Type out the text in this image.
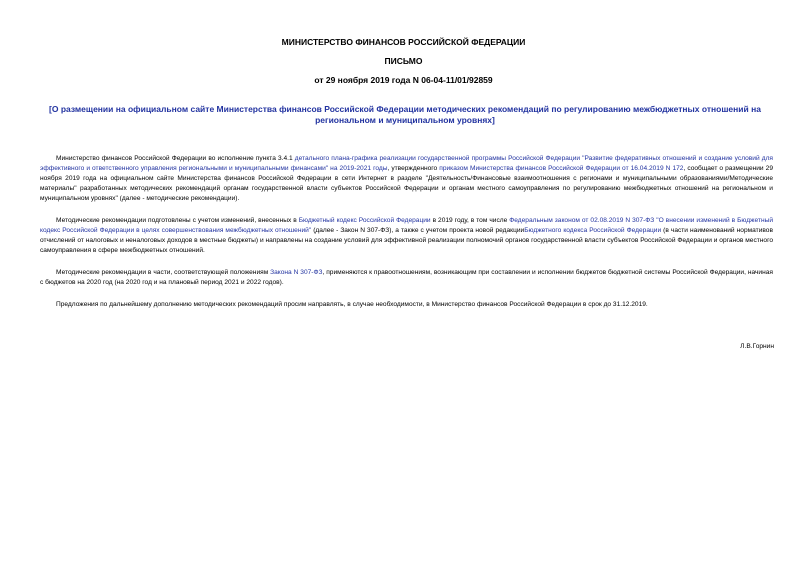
МИНИСТЕРСТВО ФИНАНСОВ РОССИЙСКОЙ ФЕДЕРАЦИИ
ПИСЬМО
от 29 ноября 2019 года N 06-04-11/01/92859
[О размещении на официальном сайте Министерства финансов Российской Федерации методических рекомендаций по регулированию межбюджетных отношений на региональном и муниципальном уровнях]
Министерство финансов Российской Федерации во исполнение пункта 3.4.1 детального плана-графика реализации государственной программы Российской Федерации "Развитие федеративных отношений и создание условий для эффективного и ответственного управления региональными и муниципальными финансами" на 2019-2021 годы, утвержденного приказом Министерства финансов Российской Федерации от 16.04.2019 N 172, сообщает о размещении 29 ноября 2019 года на официальном сайте Министерства финансов Российской Федерации в сети Интернет в разделе "Деятельность/Финансовые взаимоотношения с регионами и муниципальными образованиями/Методические материалы" разработанных методических рекомендаций органам государственной власти субъектов Российской Федерации и органам местного самоуправления по регулированию межбюджетных отношений на региональном и муниципальном уровнях" (далее - методические рекомендации).
Методические рекомендации подготовлены с учетом изменений, внесенных в Бюджетный кодекс Российской Федерации в 2019 году, в том числе Федеральным законом от 02.08.2019 N 307-ФЗ "О внесении изменений в Бюджетный кодекс Российской Федерации в целях совершенствования межбюджетных отношений" (далее - Закон N 307-ФЗ), а также с учетом проекта новой редакцииБюджетного кодекса Российской Федерации (в части наименований нормативов отчислений от налоговых и неналоговых доходов в местные бюджеты) и направлены на создание условий для эффективной реализации полномочий органов государственной власти субъектов Российской Федерации и органов местного самоуправления в сфере межбюджетных отношений.
Методические рекомендации в части, соответствующей положениям Закона N 307-ФЗ, применяются к правоотношениям, возникающим при составлении и исполнении бюджетов бюджетной системы Российской Федерации, начиная с бюджетов на 2020 год (на 2020 год и на плановый период 2021 и 2022 годов).
Предложения по дальнейшему дополнению методических рекомендаций просим направлять, в случае необходимости, в Министерство финансов Российской Федерации в срок до 31.12.2019.
Л.В.Горнин
